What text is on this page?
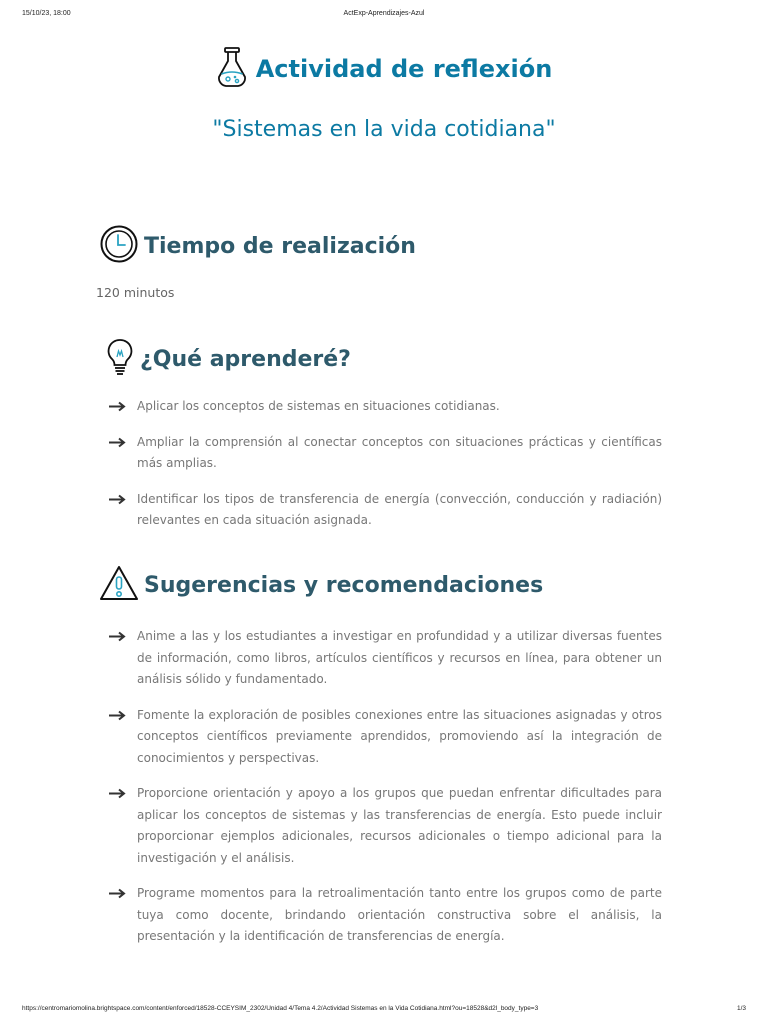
15/10/23, 18:00	ActExp-Aprendizajes-Azul
Actividad de reflexión
"Sistemas en la vida cotidiana"
Tiempo de realización
120 minutos
¿Qué aprenderé?
Aplicar los conceptos de sistemas en situaciones cotidianas.
Ampliar la comprensión al conectar conceptos con situaciones prácticas y científicas más amplias.
Identificar los tipos de transferencia de energía (convección, conducción y radiación) relevantes en cada situación asignada.
Sugerencias y recomendaciones
Anime a las y los estudiantes a investigar en profundidad y a utilizar diversas fuentes de información, como libros, artículos científicos y recursos en línea, para obtener un análisis sólido y fundamentado.
Fomente la exploración de posibles conexiones entre las situaciones asignadas y otros conceptos científicos previamente aprendidos, promoviendo así la integración de conocimientos y perspectivas.
Proporcione orientación y apoyo a los grupos que puedan enfrentar dificultades para aplicar los conceptos de sistemas y las transferencias de energía. Esto puede incluir proporcionar ejemplos adicionales, recursos adicionales o tiempo adicional para la investigación y el análisis.
Programe momentos para la retroalimentación tanto entre los grupos como de parte tuya como docente, brindando orientación constructiva sobre el análisis, la presentación y la identificación de transferencias de energía.
https://centromariomolina.brightspace.com/content/enforced/18528-CCEYSIM_2302/Unidad 4/Tema 4.2/Actividad Sistemas en la Vida Cotidiana.html?ou=18528&d2l_body_type=3	1/3
